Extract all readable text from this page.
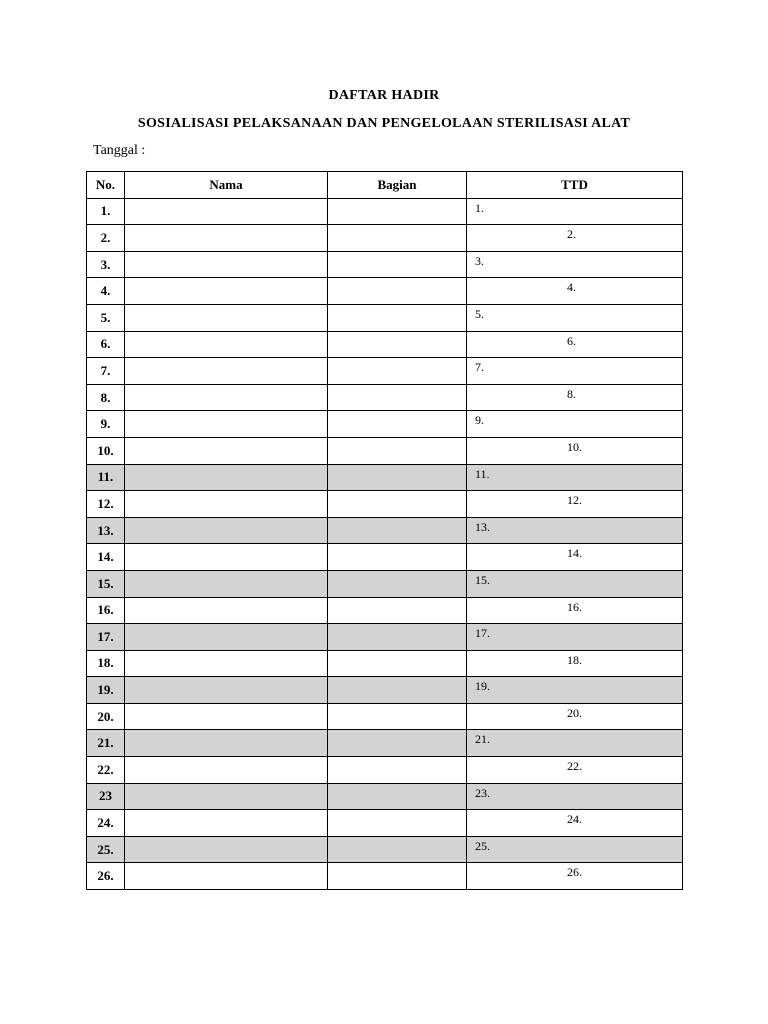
DAFTAR HADIR
SOSIALISASI PELAKSANAAN DAN PENGELOLAAN STERILISASI ALAT
Tanggal :
No.	Nama	Bagian	TTD
1.			1.

2.			2.

3.			3.

4.			4.

5.			5.

6.			6.

7.			7.

8.			8.

9.			9.

10.			10.

11.			11.

12.			12.

13.			13.

14.			14.

15.			15.

16.			16.

17.			17.

18.			18.

19.			19.

20.			20.

21.			21.

22.			22.

23			23.

24.			24.

25.			25.

26.			26.
